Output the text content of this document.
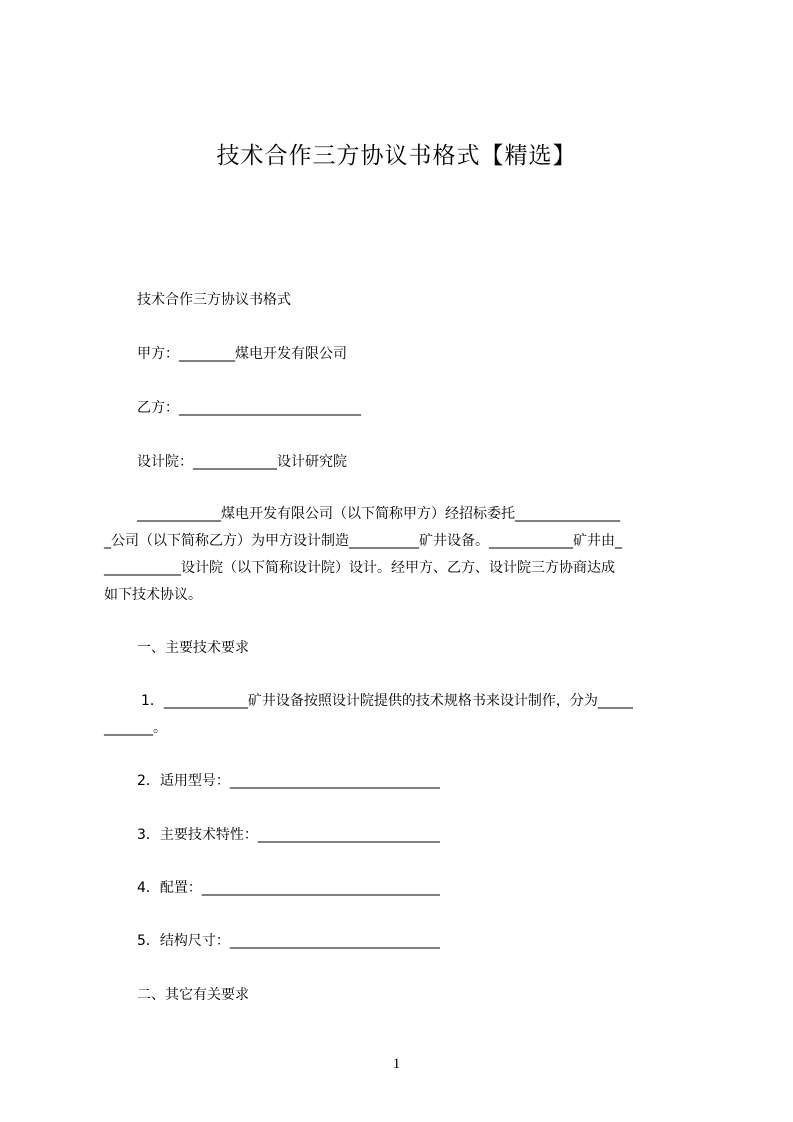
技术合作三方协议书格式【精选】
技术合作三方协议书格式
甲方：________煤电开发有限公司
乙方：__________________________
设计院：____________设计研究院
____________煤电开发有限公司（以下简称甲方）经招标委托_______________
_公司（以下简称乙方）为甲方设计制造__________矿井设备。____________矿井由_
___________设计院（以下简称设计院）设计。经甲方、乙方、设计院三方协商达成
如下技术协议。
一、主要技术要求
1．____________矿井设备按照设计院提供的技术规格书来设计制作，分为_____
_______。
2．适用型号：______________________________
3．主要技术特性：__________________________
4．配置：__________________________________
5．结构尺寸：______________________________
二、其它有关要求
1
